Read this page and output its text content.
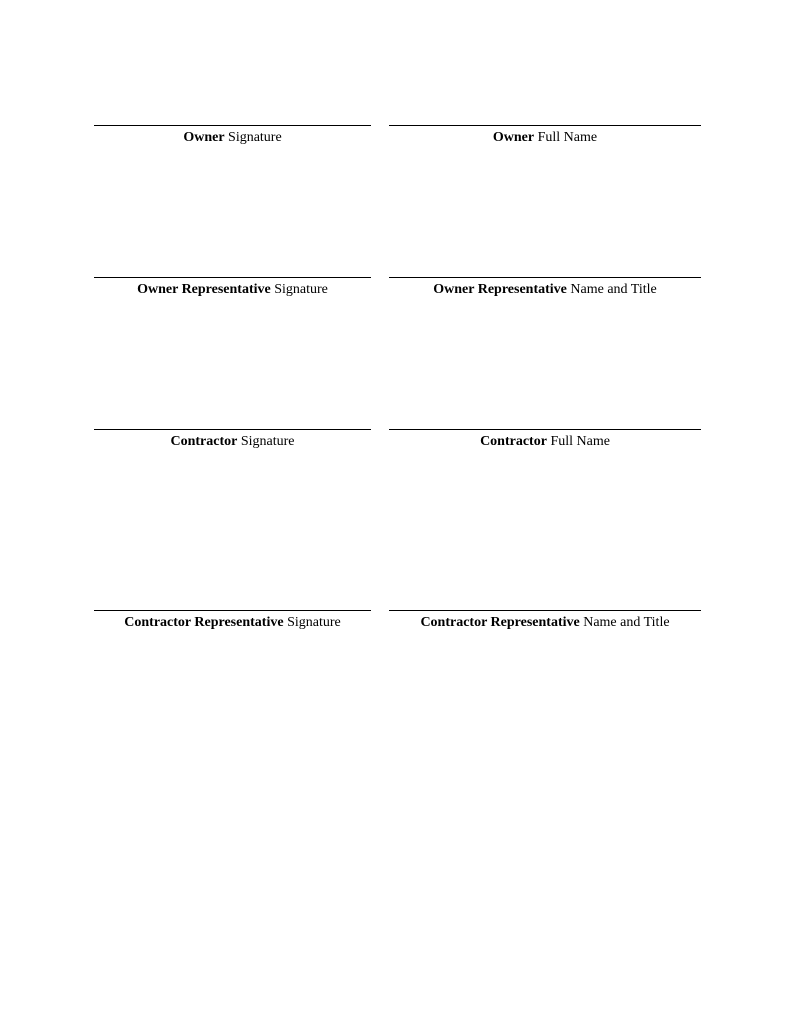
Owner Signature	Owner Full Name
Owner Representative Signature	Owner Representative Name and Title
Contractor Signature	Contractor Full Name
Contractor Representative Signature	Contractor Representative Name and Title
